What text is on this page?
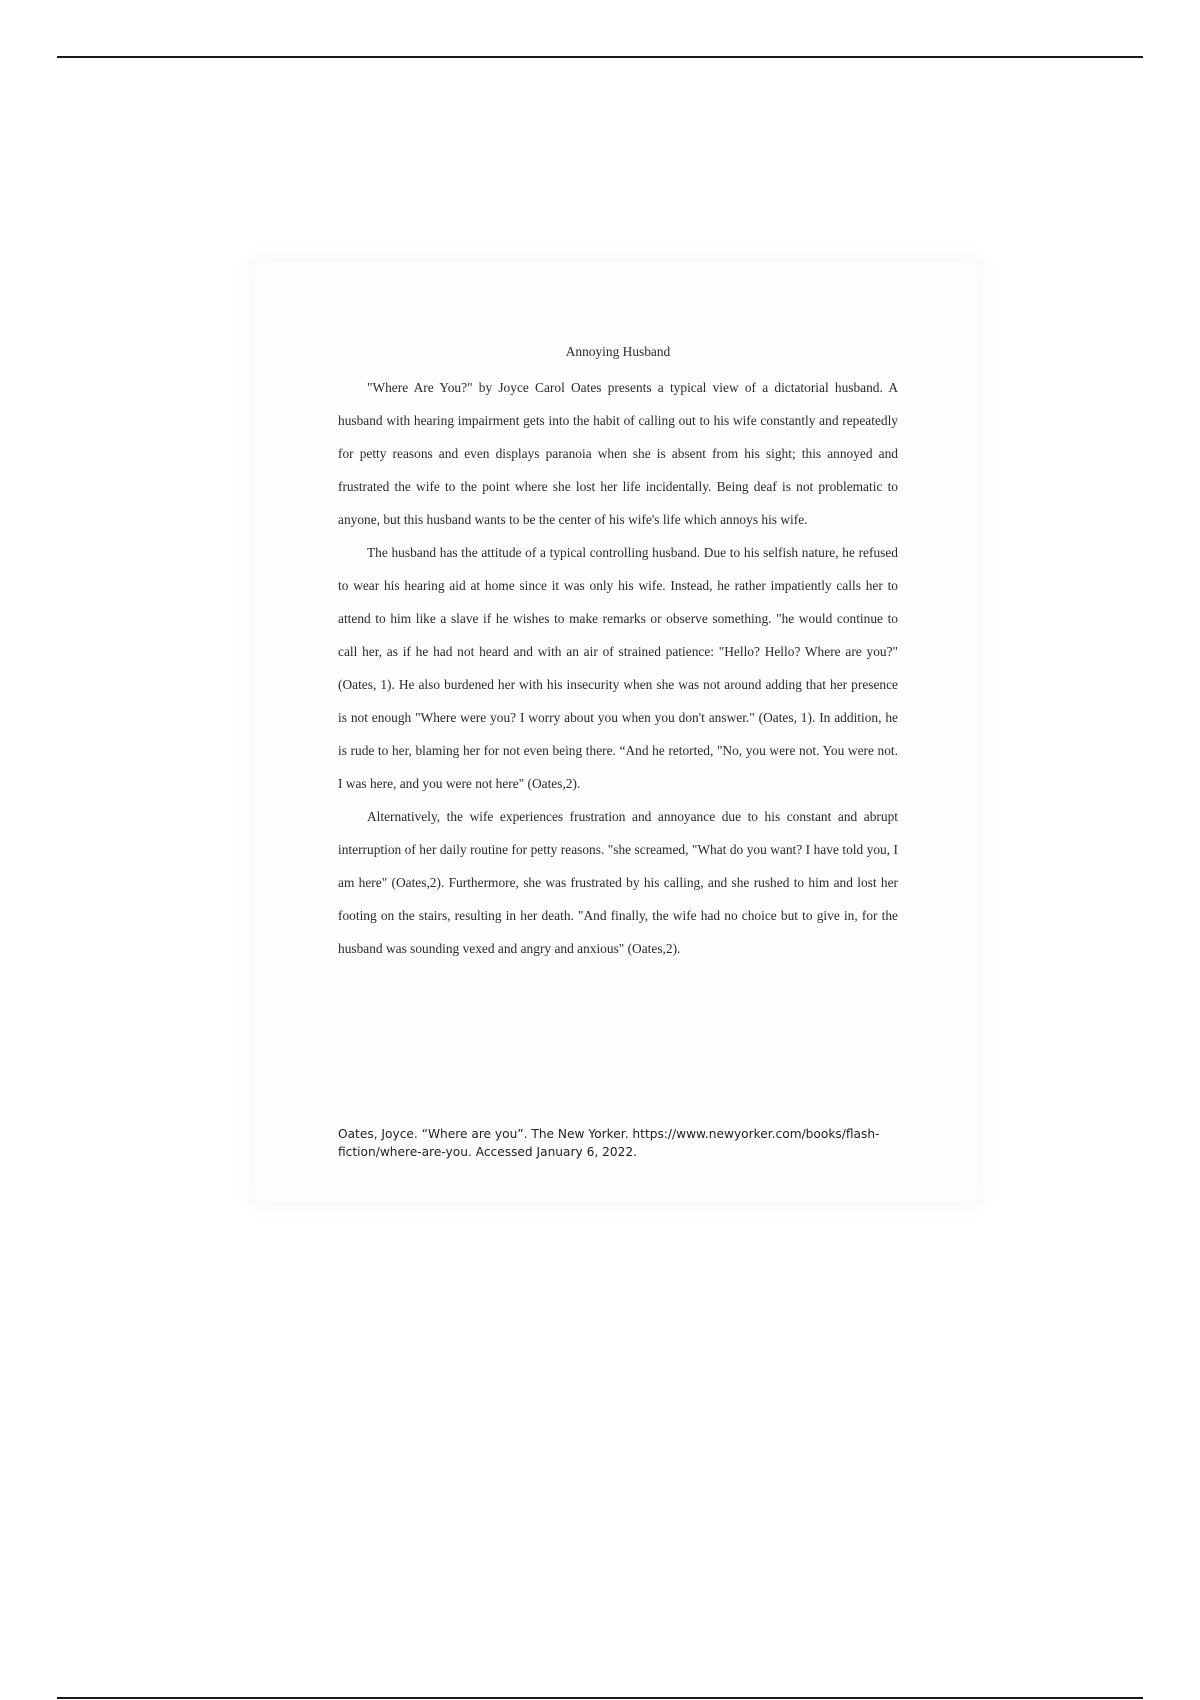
Annoying Husband

"Where Are You?" by Joyce Carol Oates presents a typical view of a dictatorial husband. A husband with hearing impairment gets into the habit of calling out to his wife constantly and repeatedly for petty reasons and even displays paranoia when she is absent from his sight; this annoyed and frustrated the wife to the point where she lost her life incidentally. Being deaf is not problematic to anyone, but this husband wants to be the center of his wife's life which annoys his wife.

The husband has the attitude of a typical controlling husband. Due to his selfish nature, he refused to wear his hearing aid at home since it was only his wife. Instead, he rather impatiently calls her to attend to him like a slave if he wishes to make remarks or observe something. "he would continue to call her, as if he had not heard and with an air of strained patience: "Hello? Hello? Where are you?" (Oates, 1). He also burdened her with his insecurity when she was not around adding that her presence is not enough "Where were you? I worry about you when you don't answer." (Oates, 1). In addition, he is rude to her, blaming her for not even being there. “And he retorted, "No, you were not. You were not. I was here, and you were not here" (Oates,2).

Alternatively, the wife experiences frustration and annoyance due to his constant and abrupt interruption of her daily routine for petty reasons. "she screamed, "What do you want? I have told you, I am here" (Oates,2). Furthermore, she was frustrated by his calling, and she rushed to him and lost her footing on the stairs, resulting in her death. "And finally, the wife had no choice but to give in, for the husband was sounding vexed and angry and anxious" (Oates,2).

Oates, Joyce. “Where are you”. The New Yorker. https://www.newyorker.com/books/flash-fiction/where-are-you. Accessed January 6, 2022.
